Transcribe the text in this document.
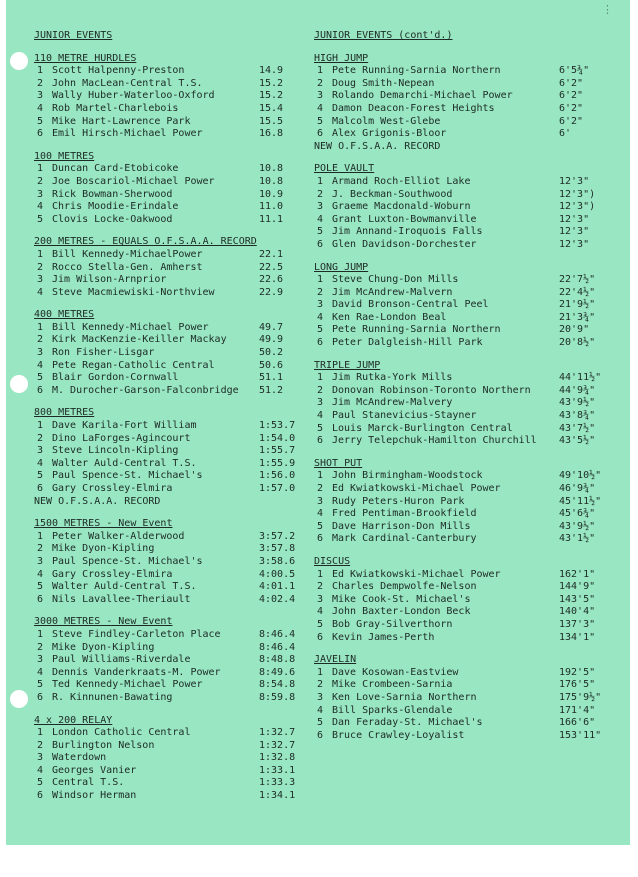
⋮
JUNIOR EVENTS
110 METRE HURDLES
1 Scott Halpenny-Preston	14.9
2 John MacLean-Central T.S.	15.2
3 Wally Huber-Waterloo-Oxford	15.2
4 Rob Martel-Charlebois	15.4
5 Mike Hart-Lawrence Park	15.5
6 Emil Hirsch-Michael Power	16.8
100 METRES
1 Duncan Card-Etobicoke	10.8
2 Joe Boscariol-Michael Power	10.8
3 Rick Bowman-Sherwood	10.9
4 Chris Moodie-Erindale	11.0
5 Clovis Locke-Oakwood	11.1
200 METRES - EQUALS O.F.S.A.A. RECORD
1 Bill Kennedy-MichaelPower	22.1
2 Rocco Stella-Gen. Amherst	22.5
3 Jim Wilson-Arnprior	22.6
4 Steve Macmiewiski-Northview	22.9
400 METRES
1 Bill Kennedy-Michael Power	49.7
2 Kirk MacKenzie-Keiller Mackay	49.9
3 Ron Fisher-Lisgar	50.2
4 Pete Regan-Catholic Central	50.6
5 Blair Gordon-Cornwall	51.1
6 M. Durocher-Garson-Falconbridge 51.2
800 METRES
1 Dave Karila-Fort William	1:53.7
2 Dino LaForges-Agincourt	1:54.0
3 Steve Lincoln-Kipling	1:55.7
4 Walter Auld-Central T.S.	1:55.9
5 Paul Spence-St. Michael's	1:56.0
6 Gary Crossley-Elmira	1:57.0
NEW O.F.S.A.A. RECORD
1500 METRES - New Event
1 Peter Walker-Alderwood	3:57.2
2 Mike Dyon-Kipling	3:57.8
3 Paul Spence-St. Michael's	3:58.6
4 Gary Crossley-Elmira	4:00.5
5 Walter Auld-Central T.S.	4:01.1
6 Nils Lavallee-Theriault	4:02.4
3000 METRES - New Event
1 Steve Findley-Carleton Place	8:46.4
2 Mike Dyon-Kipling	8:46.4
3 Paul Williams-Riverdale	8:48.8
4 Dennis Vanderkraats-M. Power	8:49.6
5 Ted Kennedy-Michael Power	8:54.8
6 R. Kinnunen-Bawating	8:59.8
4 x 200 RELAY
1 London Catholic Central	1:32.7
2 Burlington Nelson	1:32.7
3 Waterdown	1:32.8
4 Georges Vanier	1:33.1
5 Central T.S.	1:33.3
6 Windsor Herman	1:34.1
JUNIOR EVENTS (cont'd.)
HIGH JUMP
1 Pete Running-Sarnia Northern	6'5¾"
2 Doug Smith-Nepean	6'2"
3 Rolando Demarchi-Michael Power	6'2"
4 Damon Deacon-Forest Heights	6'2"
5 Malcolm West-Glebe	6'2"
6 Alex Grigonis-Bloor	6'
NEW O.F.S.A.A. RECORD
POLE VAULT
1 Armand Roch-Elliot Lake	12'3"
2 J. Beckman-Southwood	12'3")
3 Graeme Macdonald-Woburn	12'3")
4 Grant Luxton-Bowmanville	12'3"
5 Jim Annand-Iroquois Falls	12'3"
6 Glen Davidson-Dorchester	12'3"
LONG JUMP
1 Steve Chung-Don Mills	22'7½"
2 Jim McAndrew-Malvern	22'4½"
3 David Bronson-Central Peel	21'9½"
4 Ken Rae-London Beal	21'3¾"
5 Pete Running-Sarnia Northern	20'9"
6 Peter Dalgleish-Hill Park	20'8½"
TRIPLE JUMP
1 Jim Rutka-York Mills	44'11½"
2 Donovan Robinson-Toronto Northern	44'9¾"
3 Jim McAndrew-Malvery	43'9½"
4 Paul Stanevicius-Stayner	43'8¾"
5 Louis Marck-Burlington Central	43'7½"
6 Jerry Telepchuk-Hamilton Churchill 43'5½"
SHOT PUT
1 John Birmingham-Woodstock	49'10½"
2 Ed Kwiatkowski-Michael Power	46'9¾"
3 Rudy Peters-Huron Park	45'11½"
4 Fred Pentiman-Brookfield	45'6¾"
5 Dave Harrison-Don Mills	43'9½"
6 Mark Cardinal-Canterbury	43'1½"
DISCUS
1 Ed Kwiatkowski-Michael Power	162'1"
2 Charles Dempwolfe-Nelson	144'9"
3 Mike Cook-St. Michael's	143'5"
4 John Baxter-London Beck	140'4"
5 Bob Gray-Silverthorn	137'3"
6 Kevin James-Perth	134'1"
JAVELIN
1 Dave Kosowan-Eastview	192'5"
2 Mike Crombeen-Sarnia	176'5"
3 Ken Love-Sarnia Northern	175'9½"
4 Bill Sparks-Glendale	171'4"
5 Dan Feraday-St. Michael's	166'6"
6 Bruce Crawley-Loyalist	153'11"
